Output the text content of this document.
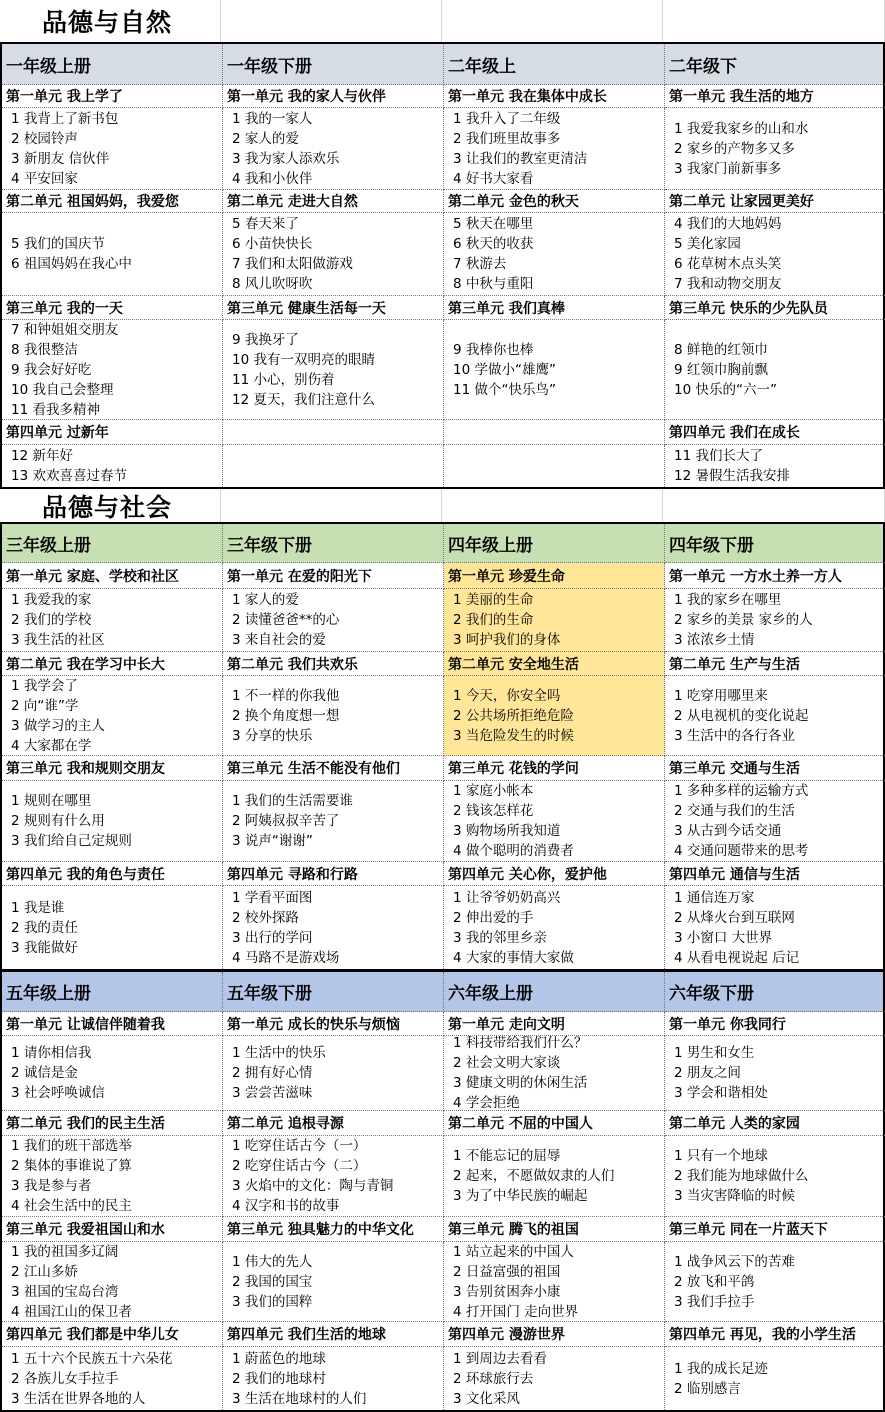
品德与自然
一年级上册	一年级下册	二年级上	二年级下
第一单元 我上学了	第一单元 我的家人与伙伴	第一单元 我在集体中成长	第一单元 我生活的地方
1 我背上了新书包
2 校园铃声
3 新朋友 信伙伴
4 平安回家
1 我的一家人
2 家人的爱
3 我为家人添欢乐
4 我和小伙伴
1 我升入了二年级
2 我们班里故事多
3 让我们的教室更清洁
4 好书大家看
1 我爱我家乡的山和水
2 家乡的产物多又多
3 我家门前新事多
第二单元 祖国妈妈，我爱您	第二单元 走进大自然	第二单元 金色的秋天	第二单元 让家园更美好
5 我们的国庆节
6 祖国妈妈在我心中
5 春天来了
6 小苗快快长
7 我们和太阳做游戏
8 风儿吹呀吹
5 秋天在哪里
6 秋天的收获
7 秋游去
8 中秋与重阳
4 我们的大地妈妈
5 美化家园
6 花草树木点头笑
7 我和动物交朋友
第三单元 我的一天	第三单元 健康生活每一天	第三单元 我们真棒	第三单元 快乐的少先队员
7 和钟姐姐交朋友
8 我很整洁
9 我会好好吃
10 我自己会整理
11 看我多精神
9 我换牙了
10 我有一双明亮的眼睛
11 小心，别伤着
12 夏天，我们注意什么
9 我棒你也棒
10 学做小“雄鹰”
11 做个“快乐鸟”
8 鲜艳的红领巾
9 红领巾胸前飘
10 快乐的“六一”
第四单元 过新年	第四单元 我们在成长
12 新年好
13 欢欢喜喜过春节
11 我们长大了
12 暑假生活我安排
品德与社会
三年级上册	三年级下册	四年级上册	四年级下册
第一单元 家庭、学校和社区	第一单元 在爱的阳光下	第一单元 珍爱生命	第一单元 一方水土养一方人
1 我爱我的家
2 我们的学校
3 我生活的社区
1 家人的爱
2 读懂爸爸**的心
3 来自社会的爱
1 美丽的生命
2 我们的生命
3 呵护我们的身体
1 我的家乡在哪里
2 家乡的美景 家乡的人
3 浓浓乡土情
第二单元 我在学习中长大	第二单元 我们共欢乐	第二单元 安全地生活	第二单元 生产与生活
1 我学会了
2 向“谁”学
3 做学习的主人
4 大家都在学
1 不一样的你我他
2 换个角度想一想
3 分享的快乐
1 今天，你安全吗
2 公共场所拒绝危险
3 当危险发生的时候
1 吃穿用哪里来
2 从电视机的变化说起
3 生活中的各行各业
第三单元 我和规则交朋友	第三单元 生活不能没有他们	第三单元 花钱的学问	第三单元 交通与生活
1 规则在哪里
2 规则有什么用
3 我们给自己定规则
1 我们的生活需要谁
2 阿姨叔叔辛苦了
3 说声“谢谢”
1 家庭小帐本
2 钱该怎样花
3 购物场所我知道
4 做个聪明的消费者
1 多种多样的运输方式
2 交通与我们的生活
3 从古到今话交通
4 交通问题带来的思考
第四单元 我的角色与责任	第四单元 寻路和行路	第四单元 关心你，爱护他	第四单元 通信与生活
1 我是谁
2 我的责任
3 我能做好
1 学看平面图
2 校外探路
3 出行的学问
4 马路不是游戏场
1 让爷爷奶奶高兴
2 伸出爱的手
3 我的邻里乡亲
4 大家的事情大家做
1 通信连万家
2 从烽火台到互联网
3 小窗口 大世界
4 从看电视说起 后记
五年级上册	五年级下册	六年级上册	六年级下册
第一单元 让诚信伴随着我	第一单元 成长的快乐与烦恼	第一单元 走向文明	第一单元 你我同行
1 请你相信我
2 诚信是金
3 社会呼唤诚信
1 生活中的快乐
2 拥有好心情
3 尝尝苦滋味
1 科技带给我们什么？
2 社会文明大家谈
3 健康文明的休闲生活
4 学会拒绝
1 男生和女生
2 朋友之间
3 学会和谐相处
第二单元 我们的民主生活	第二单元 追根寻源	第二单元 不屈的中国人	第二单元 人类的家园
1 我们的班干部选举
2 集体的事谁说了算
3 我是参与者
4 社会生活中的民主
1 吃穿住话古今（一）
2 吃穿住话古今（二）
3 火焰中的文化：陶与青铜
4 汉字和书的故事
1 不能忘记的屈辱
2 起来，不愿做奴隶的人们
3 为了中华民族的崛起
1 只有一个地球
2 我们能为地球做什么
3 当灾害降临的时候
第三单元 我爱祖国山和水	第三单元 独具魅力的中华文化	第三单元 腾飞的祖国	第三单元 同在一片蓝天下
1 我的祖国多辽阔
2 江山多娇
3 祖国的宝岛台湾
4 祖国江山的保卫者
1 伟大的先人
2 我国的国宝
3 我们的国粹
1 站立起来的中国人
2 日益富强的祖国
3 告别贫困奔小康
4 打开国门 走向世界
1 战争风云下的苦难
2 放飞和平鸽
3 我们手拉手
第四单元 我们都是中华儿女	第四单元 我们生活的地球	第四单元 漫游世界	第四单元 再见，我的小学生活
1 五十六个民族五十六朵花
2 各族儿女手拉手
3 生活在世界各地的人
1 蔚蓝色的地球
2 我们的地球村
3 生活在地球村的人们
1 到周边去看看
2 环球旅行去
3 文化采风
1 我的成长足迹
2 临别感言
